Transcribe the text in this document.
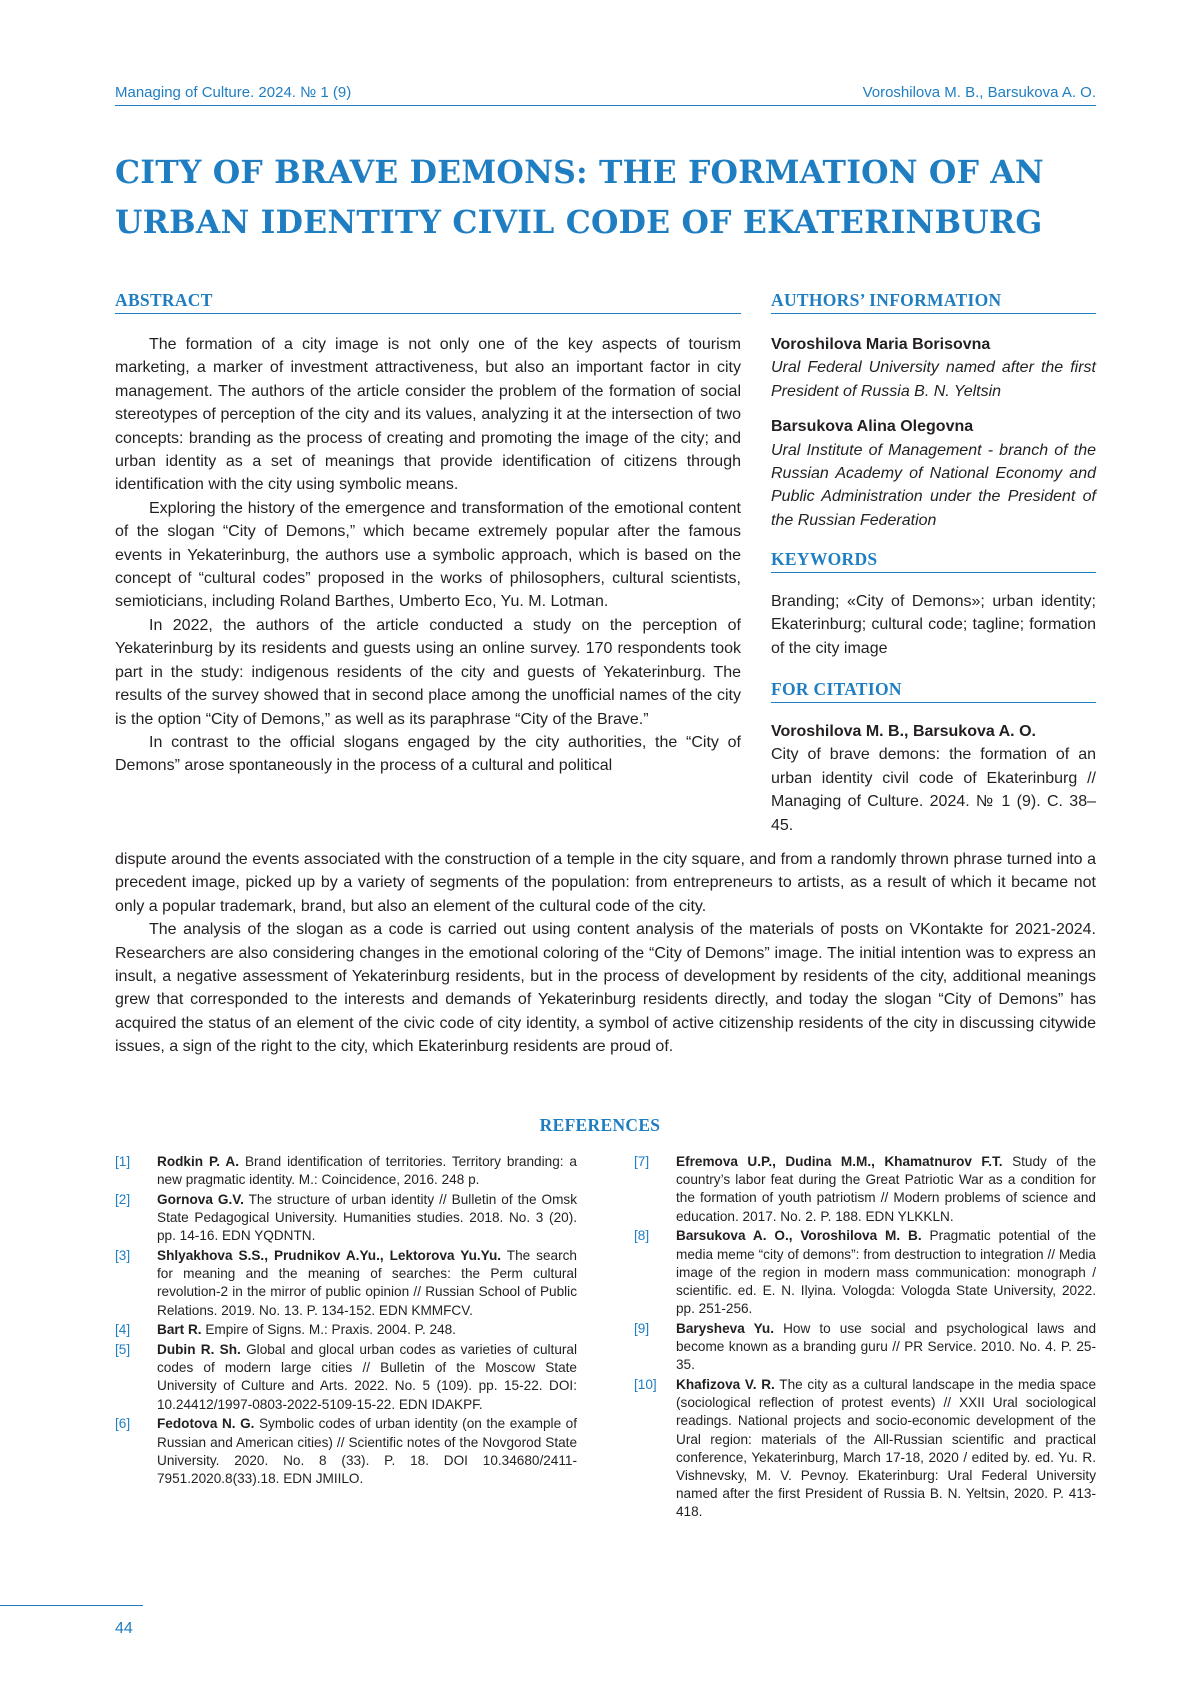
Managing of Culture. 2024. № 1 (9)	Voroshilova M. B., Barsukova A. O.
CITY OF BRAVE DEMONS: THE FORMATION OF AN
URBAN IDENTITY CIVIL CODE OF EKATERINBURG
ABSTRACT

The formation of a city image is not only one of the key aspects of tourism marketing, a marker of investment attractiveness, but also an important factor in city management. The authors of the article consider the problem of the formation of social stereotypes of perception of the city and its values, analyzing it at the intersection of two concepts: branding as the process of creating and promoting the image of the city; and urban identity as a set of meanings that provide identification of citizens through identification with the city using symbolic means.

Exploring the history of the emergence and transformation of the emotional content of the slogan “City of Demons,” which became extremely popular after the famous events in Yekaterinburg, the authors use a symbolic approach, which is based on the concept of “cultural codes” proposed in the works of philosophers, cultural scientists, semioticians, including Roland Barthes, Umberto Eco, Yu. M. Lotman.

In 2022, the authors of the article conducted a study on the perception of Yekaterinburg by its residents and guests using an online survey. 170 respondents took part in the study: indigenous residents of the city and guests of Yekaterinburg. The results of the survey showed that in second place among the unofficial names of the city is the option “City of Demons,” as well as its paraphrase “City of the Brave.”

In contrast to the official slogans engaged by the city authorities, the “City of Demons” arose spontaneously in the process of a cultural and political

dispute around the events associated with the construction of a temple in the city square, and from a randomly thrown phrase turned into a precedent image, picked up by a variety of segments of the population: from entrepreneurs to artists, as a result of which it became not only a popular trademark, brand, but also an element of the cultural code of the city.

The analysis of the slogan as a code is carried out using content analysis of the materials of posts on VKontakte for 2021-2024. Researchers are also considering changes in the emotional coloring of the “City of Demons” image. The initial intention was to express an insult, a negative assessment of Yekaterinburg residents, but in the process of development by residents of the city, additional meanings grew that corresponded to the interests and demands of Yekaterinburg residents directly, and today the slogan “City of Demons” has acquired the status of an element of the civic code of city identity, a symbol of active citizenship residents of the city in discussing citywide issues, a sign of the right to the city, which Ekaterinburg residents are proud of.

AUTHORS’ INFORMATION
Voroshilova Maria Borisovna
Ural Federal University named after the first President of Russia B. N. Yeltsin
Barsukova Alina Olegovna
Ural Institute of Management - branch of the Russian Academy of National Economy and Public Administration under the President of the Russian Federation
KEYWORDS
Branding; «City of Demons»; urban identity; Ekaterinburg; cultural code; tagline; formation of the city image
FOR CITATION
Voroshilova M. B., Barsukova A. O.
City of brave demons: the formation of an urban identity civil code of Ekaterinburg // Managing of Culture. 2024. № 1 (9). C. 38–45.
REFERENCES
[1]	Rodkin P. A. Brand identification of territories. Territory branding: a new pragmatic identity. M.: Coincidence, 2016. 248 p.
[2]	Gornova G.V. The structure of urban identity // Bulletin of the Omsk State Pedagogical University. Humanities studies. 2018. No. 3 (20). pp. 14-16. EDN YQDNTN.
[3]	Shlyakhova S.S., Prudnikov A.Yu., Lektorova Yu.Yu. The search for meaning and the meaning of searches: the Perm cultural revolution-2 in the mirror of public opinion // Russian School of Public Relations. 2019. No. 13. P. 134-152. EDN KMMFCV.
[4]	Bart R. Empire of Signs. M.: Praxis. 2004. P. 248.
[5]	Dubin R. Sh. Global and glocal urban codes as varieties of cultural codes of modern large cities // Bulletin of the Moscow State University of Culture and Arts. 2022. No. 5 (109). pp. 15-22. DOI: 10.24412/1997-0803-2022-5109-15-22. EDN IDAKPF.
[6]	Fedotova N. G. Symbolic codes of urban identity (on the example of Russian and American cities) // Scientific notes of the Novgorod State University. 2020. No. 8 (33). P. 18. DOI 10.34680/2411-7951.2020.8(33).18. EDN JMIILO.
[7]	Efremova U.P., Dudina M.M., Khamatnurov F.T. Study of the country’s labor feat during the Great Patriotic War as a condition for the formation of youth patriotism // Modern problems of science and education. 2017. No. 2. P. 188. EDN YLKKLN.
[8]	Barsukova A. O., Voroshilova M. B. Pragmatic potential of the media meme “city of demons”: from destruction to integration // Media image of the region in modern mass communication: monograph / scientific. ed. E. N. Ilyina. Vologda: Vologda State University, 2022. pp. 251-256.
[9]	Barysheva Yu. How to use social and psychological laws and become known as a branding guru // PR Service. 2010. No. 4. P. 25-35.
[10]	Khafizova V. R. The city as a cultural landscape in the media space (sociological reflection of protest events) // XXII Ural sociological readings. National projects and socio-economic development of the Ural region: materials of the All-Russian scientific and practical conference, Yekaterinburg, March 17-18, 2020 / edited by. ed. Yu. R. Vishnevsky, M. V. Pevnoy. Ekaterinburg: Ural Federal University named after the first President of Russia B. N. Yeltsin, 2020. P. 413-418.
44
